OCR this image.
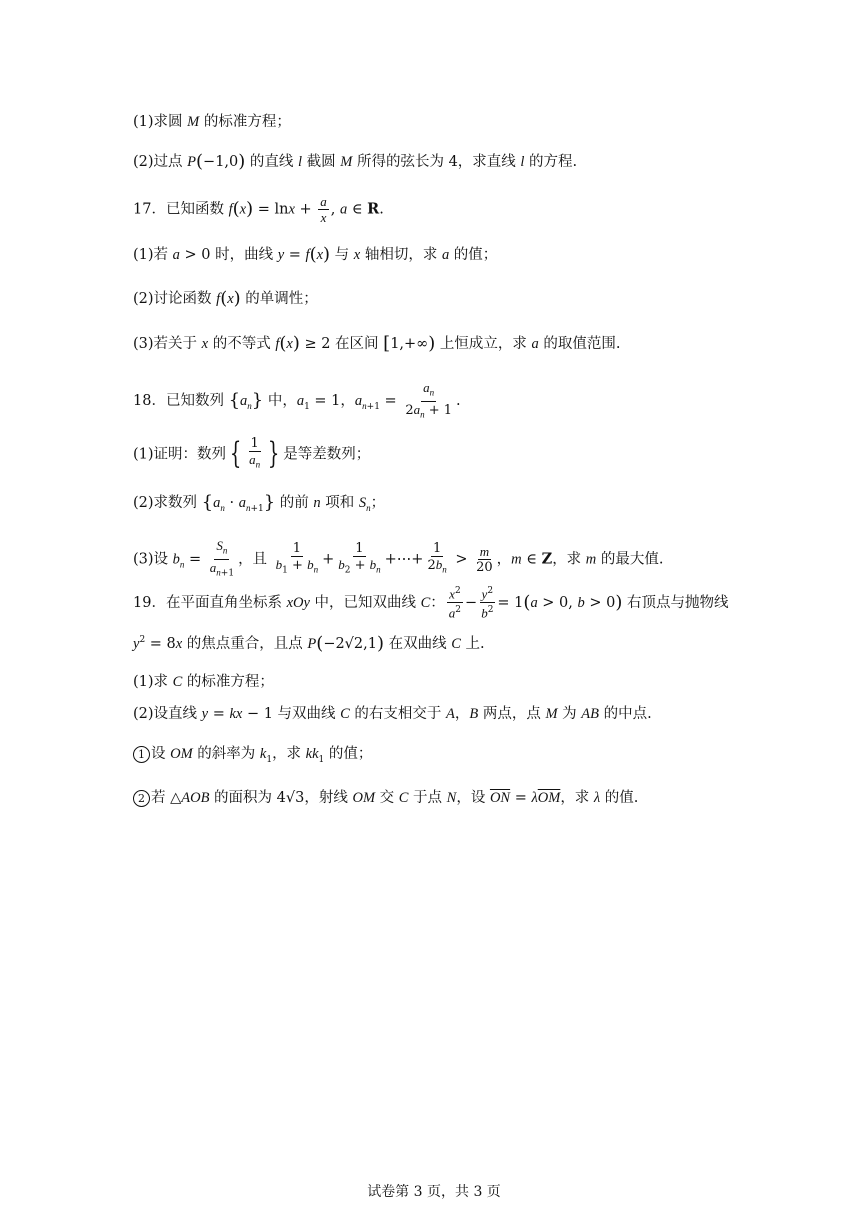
(1)求圆 M 的标准方程；
(2)过点 P(−1,0) 的直线 l 截圆 M 所得的弦长为 4，求直线 l 的方程.
17．已知函数 $f(x) = \ln x + \frac{a}{x}$ , a ∈ R.
(1)若 a > 0 时，曲线 y = f(x) 与 x 轴相切，求 a 的值；
(2)讨论函数 f(x) 的单调性；
(3)若关于 x 的不等式 f(x) ≥ 2 在区间 [1,+∞) 上恒成立，求 a 的取值范围.
18．已知数列 $\{a_n\}$ 中，$a_1 = 1$，$a_{n+1} = \frac{a_n}{2a_n + 1}$ .
(1)证明：数列 { $\frac{1}{a_n}$ } 是等差数列；
(2)求数列 $\{a_n \cdot a_{n+1}\}$ 的前 n 项和 $S_n$；
(3)设 $b_n = \frac{S_n}{a_{n+1}}$ ，且 $\frac{1}{b_1 + b_n} + \frac{1}{b_2 + b_n}$ +⋯+ $\frac{1}{2b_n} > \frac{m}{20}$ ，m ∈ Z，求 m 的最大值.
19．在平面直角坐标系 xOy 中，已知双曲线 C： $\frac{x^2}{a^2} - \frac{y^2}{b^2} = 1(a > 0$, b > 0) 右顶点与抛物线
$y^2 = 8x$ 的焦点重合，且点 P(−2√2,1) 在双曲线 C 上.
(1)求 C 的标准方程；
(2)设直线 y = kx − 1 与双曲线 C 的右支相交于 A，B 两点，点 M 为 AB 的中点.
1 设 OM 的斜率为 $k_1$，求 $kk_1$ 的值；
2 若 △AOB 的面积为 4√3，射线 OM 交 C 于点 N，设 $\overline{ON} = \lambda\overline{OM}$，求 λ 的值.
试卷第 3 页，共 3 页
